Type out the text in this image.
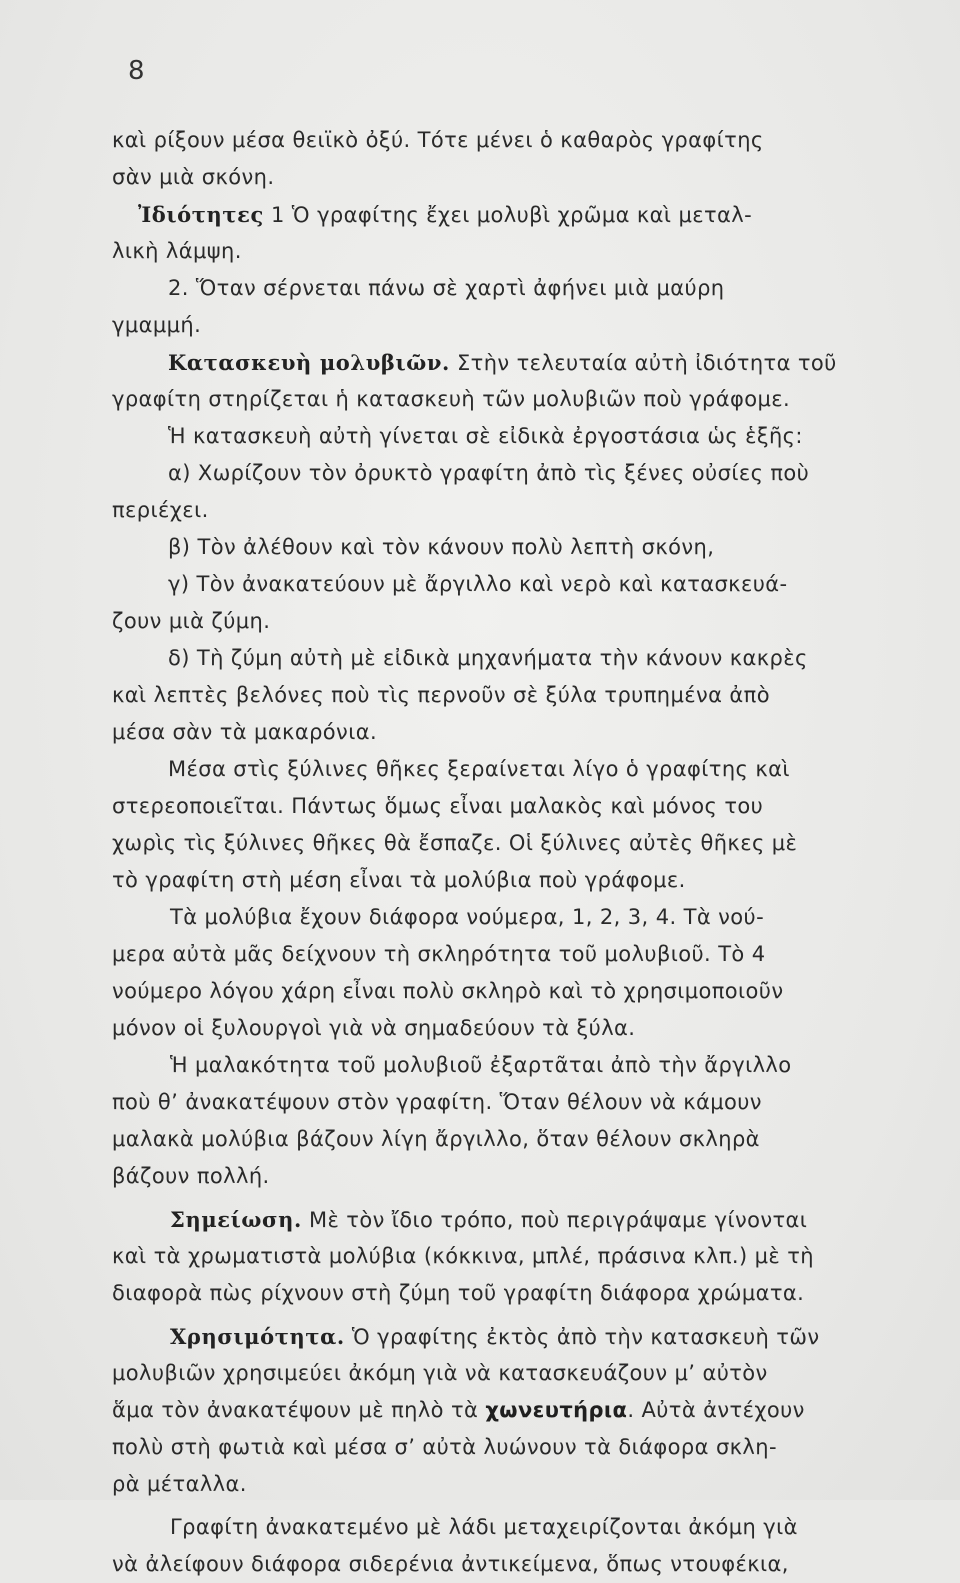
8
καὶ ρίξουν μέσα θειϊκὸ ὀξύ. Τότε μένει ὁ καθαρὸς γραφίτης
σὰν μιὰ σκόνη.
Ἰδιότητες 1 Ὁ γραφίτης ἔχει μολυβὶ χρῶμα καὶ μεταλ-
λικὴ λάμψη.
2. Ὅταν σέρνεται πάνω σὲ χαρτὶ ἀφήνει μιὰ μαύρη
γμαμμή.
Κατασκευὴ μολυβιῶν. Στὴν τελευταία αὐτὴ ἰδιότητα τοῦ
γραφίτη στηρίζεται ἡ κατασκευὴ τῶν μολυβιῶν ποὺ γράφομε.
Ἡ κατασκευὴ αὐτὴ γίνεται σὲ εἰδικὰ ἐργοστάσια ὡς ἑξῆς:
α) Χωρίζουν τὸν ὀρυκτὸ γραφίτη ἀπὸ τὶς ξένες οὐσίες ποὺ
περιέχει.
β) Τὸν ἀλέθουν καὶ τὸν κάνουν πολὺ λεπτὴ σκόνη,
γ) Τὸν ἀνακατεύουν μὲ ἄργιλλο καὶ νερὸ καὶ κατασκευά-
ζουν μιὰ ζύμη.
δ) Τὴ ζύμη αὐτὴ μὲ εἰδικὰ μηχανήματα τὴν κάνουν κακρὲς
καὶ λεπτὲς βελόνες ποὺ τὶς περνοῦν σὲ ξύλα τρυπημένα ἀπὸ
μέσα σὰν τὰ μακαρόνια.
Μέσα στὶς ξύλινες θῆκες ξεραίνεται λίγο ὁ γραφίτης καὶ
στερεοποιεῖται. Πάντως ὅμως εἶναι μαλακὸς καὶ μόνος του
χωρὶς τὶς ξύλινες θῆκες θὰ ἔσπαζε. Οἱ ξύλινες αὐτὲς θῆκες μὲ
τὸ γραφίτη στὴ μέση εἶναι τὰ μολύβια ποὺ γράφομε.
Τὰ μολύβια ἔχουν διάφορα νούμερα, 1, 2, 3, 4. Τὰ νού-
μερα αὐτὰ μᾶς δείχνουν τὴ σκληρότητα τοῦ μολυβιοῦ. Τὸ 4
νούμερο λόγου χάρη εἶναι πολὺ σκληρὸ καὶ τὸ χρησιμοποιοῦν
μόνον οἱ ξυλουργοὶ γιὰ νὰ σημαδεύουν τὰ ξύλα.
Ἡ μαλακότητα τοῦ μολυβιοῦ ἐξαρτᾶται ἀπὸ τὴν ἄργιλλο
ποὺ θ’ ἀνακατέψουν στὸν γραφίτη. Ὅταν θέλουν νὰ κάμουν
μαλακὰ μολύβια βάζουν λίγη ἄργιλλο, ὅταν θέλουν σκληρὰ
βάζουν πολλή.
Σημείωση. Μὲ τὸν ἴδιο τρόπο, ποὺ περιγράψαμε γίνονται
καὶ τὰ χρωματιστὰ μολύβια (κόκκινα, μπλέ, πράσινα κλπ.) μὲ τὴ
διαφορὰ πὼς ρίχνουν στὴ ζύμη τοῦ γραφίτη διάφορα χρώματα.
Χρησιμότητα. Ὁ γραφίτης ἐκτὸς ἀπὸ τὴν κατασκευὴ τῶν
μολυβιῶν χρησιμεύει ἀκόμη γιὰ νὰ κατασκευάζουν μ’ αὐτὸν
ἅμα τὸν ἀνακατέψουν μὲ πηλὸ τὰ χωνευτήρια. Αὐτὰ ἀντέχουν
πολὺ στὴ φωτιὰ καὶ μέσα σ’ αὐτὰ λυώνουν τὰ διάφορα σκλη-
ρὰ μέταλλα.
Γραφίτη ἀνακατεμένο μὲ λάδι μεταχειρίζονται ἀκόμη γιὰ
νὰ ἀλείφουν διάφορα σιδερένια ἀντικείμενα, ὅπως ντουφέκια,
